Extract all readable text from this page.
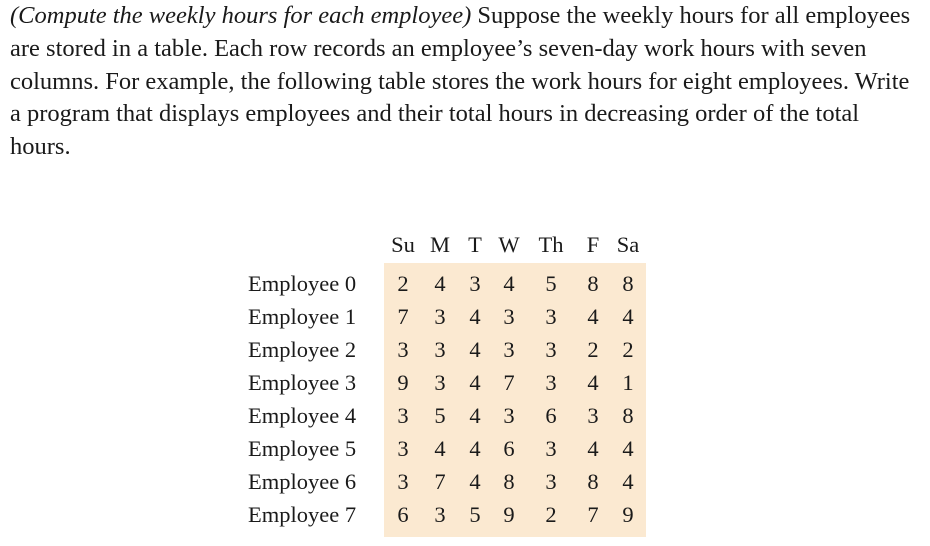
(Compute the weekly hours for each employee) Suppose the weekly hours for all employees are stored in a table. Each row records an employee’s seven-day work hours with seven columns. For example, the following table stores the work hours for eight employees. Write a program that displays employees and their total hours in decreasing order of the total hours.

	Su	M	T	W	Th	F	Sa
Employee 0	2	4	3	4	5	8	8
Employee 1	7	3	4	3	3	4	4
Employee 2	3	3	4	3	3	2	2
Employee 3	9	3	4	7	3	4	1
Employee 4	3	5	4	3	6	3	8
Employee 5	3	4	4	6	3	4	4
Employee 6	3	7	4	8	3	8	4
Employee 7	6	3	5	9	2	7	9
